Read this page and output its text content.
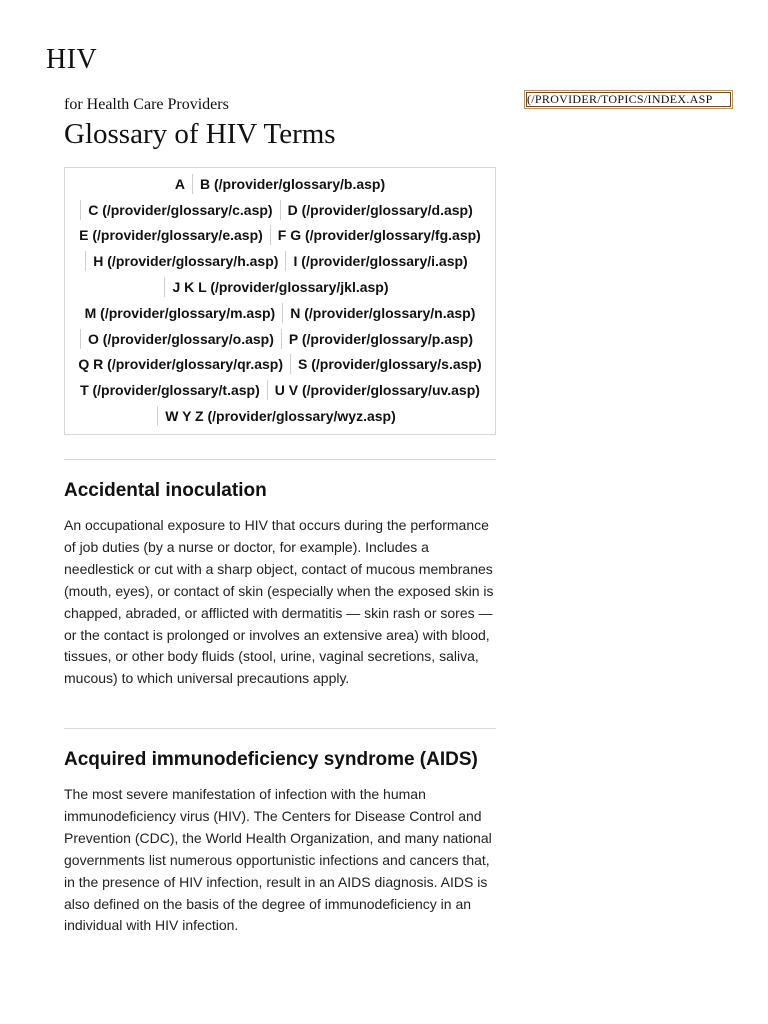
HIV
(/PROVIDER/TOPICS/INDEX.ASP
for Health Care Providers
Glossary of HIV Terms
A	B (/provider/glossary/b.asp)
C (/provider/glossary/c.asp)	D (/provider/glossary/d.asp)
E (/provider/glossary/e.asp)	F G (/provider/glossary/fg.asp)
H (/provider/glossary/h.asp)	I (/provider/glossary/i.asp)
J K L (/provider/glossary/jkl.asp)
M (/provider/glossary/m.asp)	N (/provider/glossary/n.asp)
O (/provider/glossary/o.asp)	P (/provider/glossary/p.asp)
Q R (/provider/glossary/qr.asp)	S (/provider/glossary/s.asp)
T (/provider/glossary/t.asp)	U V (/provider/glossary/uv.asp)
W Y Z (/provider/glossary/wyz.asp)
Accidental inoculation

An occupational exposure to HIV that occurs during the performance of job duties (by a nurse or doctor, for example). Includes a needlestick or cut with a sharp object, contact of mucous membranes (mouth, eyes), or contact of skin (especially when the exposed skin is chapped, abraded, or afflicted with dermatitis — skin rash or sores — or the contact is prolonged or involves an extensive area) with blood, tissues, or other body fluids (stool, urine, vaginal secretions, saliva, mucous) to which universal precautions apply.

Acquired immunodeficiency syndrome (AIDS)

The most severe manifestation of infection with the human immunodeficiency virus (HIV). The Centers for Disease Control and Prevention (CDC), the World Health Organization, and many national governments list numerous opportunistic infections and cancers that, in the presence of HIV infection, result in an AIDS diagnosis. AIDS is also defined on the basis of the degree of immunodeficiency in an individual with HIV infection.
